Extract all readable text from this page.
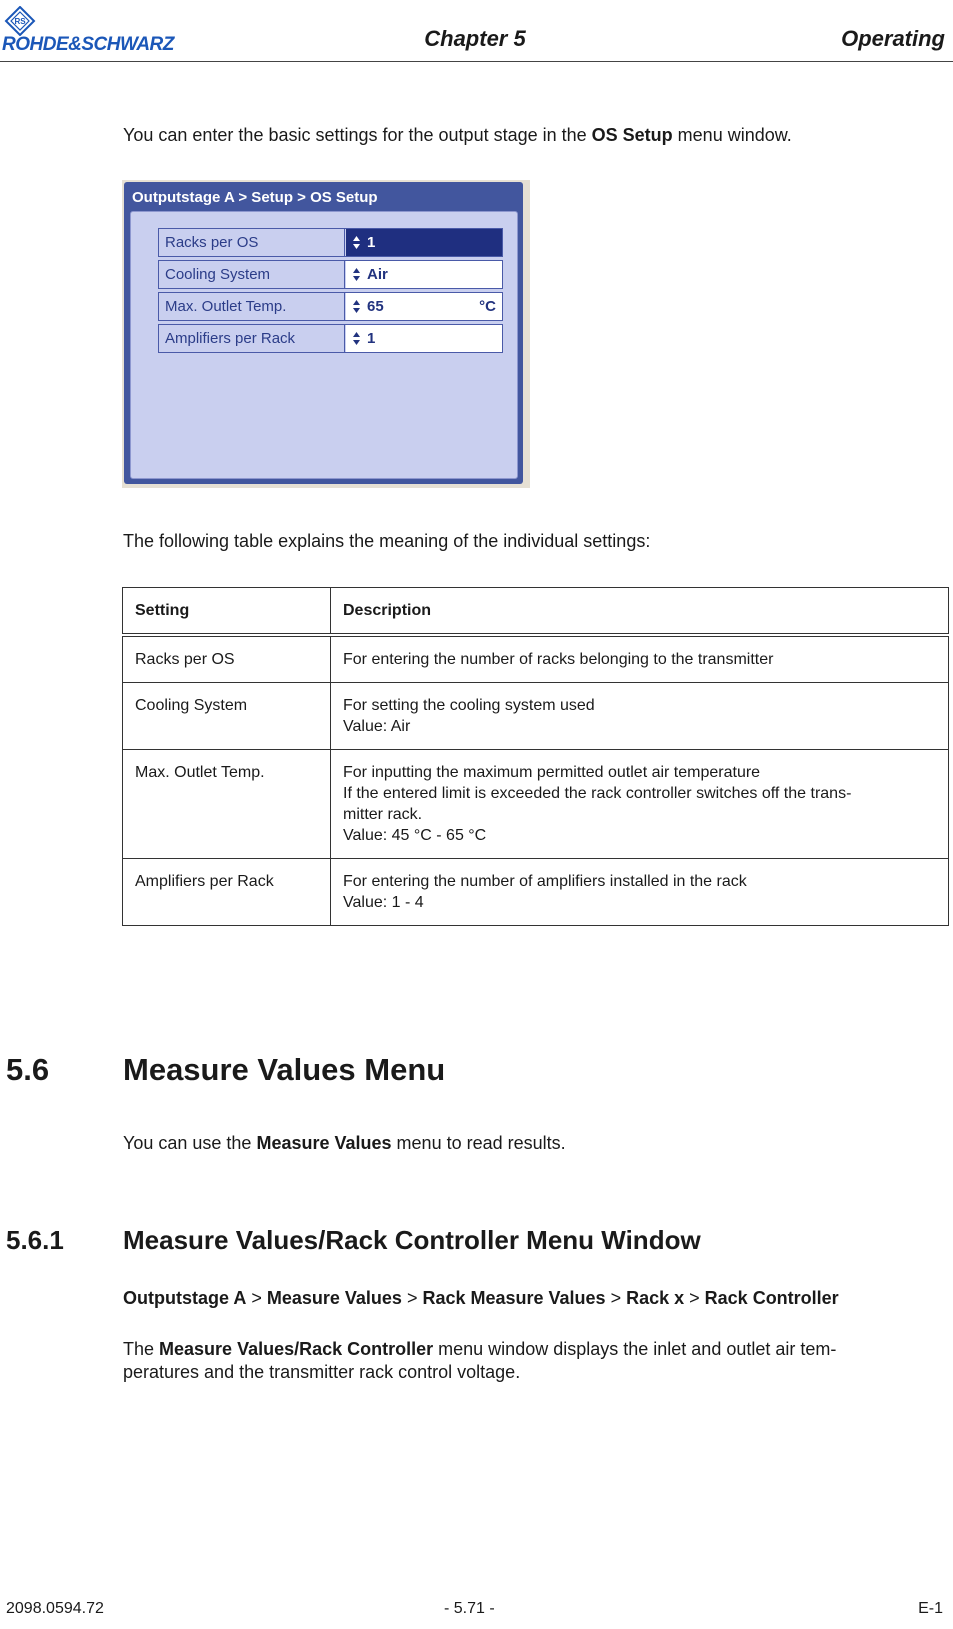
RS
ROHDE&SCHWARZ	Chapter 5	Operating
You can enter the basic settings for the output stage in the OS Setup menu window.
Outputstage A > Setup > OS Setup
Racks per OS	1
Cooling System	Air
Max. Outlet Temp.	65	°C
Amplifiers per Rack	1
The following table explains the meaning of the individual settings:
Setting	Description
Racks per OS	For entering the number of racks belonging to the transmitter

Cooling System	For setting the cooling system used
Value: Air

Max. Outlet Temp.	For inputting the maximum permitted outlet air temperature
If the entered limit is exceeded the rack controller switches off the trans-
mitter rack.
Value: 45 °C - 65 °C

Amplifiers per Rack	For entering the number of amplifiers installed in the rack
Value: 1 - 4
5.6 Measure Values Menu
You can use the Measure Values menu to read results.
5.6.1 Measure Values/Rack Controller Menu Window
Outputstage A > Measure Values > Rack Measure Values > Rack x > Rack Controller
The Measure Values/Rack Controller menu window displays the inlet and outlet air tem-
peratures and the transmitter rack control voltage.
2098.0594.72	- 5.71 -	E-1
